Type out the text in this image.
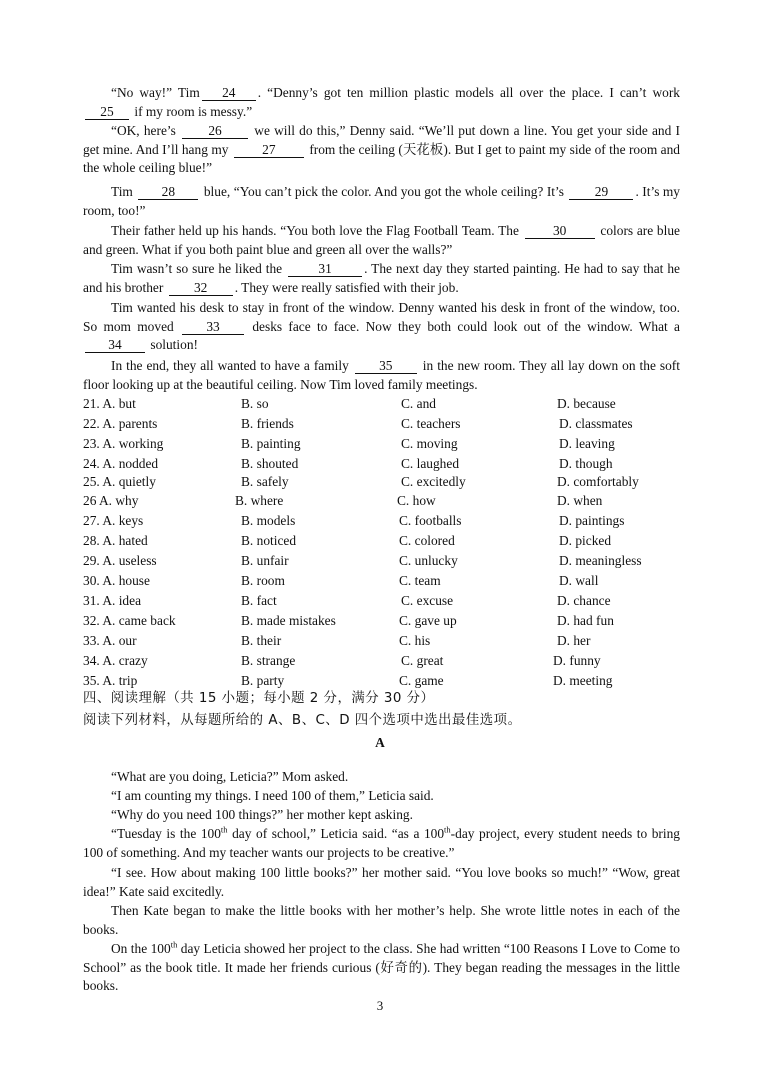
“No way!” Tim 24 . “Denny’s got ten million plastic models all over the place. I can’t work 25 if my room is messy.”

“OK, here’s 26 we will do this,” Denny said. “We’ll put down a line. You get your side and I get mine. And I’ll hang my	27	from the ceiling (天花板). But I get to paint my side of the room and the whole ceiling blue!”

Tim 28 blue, “You can’t pick the color. And you got the whole ceiling? It’s 29 . It’s my room, too!”

Their father held up his hands. “You both love the Flag Football Team. The	30	colors are blue and green. What if you both paint blue and green all over the walls?”

Tim wasn’t so sure he liked the	31 . The next day they started painting. He had to say that he and his brother 32 . They were really satisfied with their job.

Tim wanted his desk to stay in front of the window. Denny wanted his desk in front of the window, too. So mom moved 33 desks face to face. Now they both could look out of the window. What a 34 solution!

In the end, they all wanted to have a family 35 in the new room. They all lay down on the soft floor looking up at the beautiful ceiling. Now Tim loved family meetings.

21. A. but	B. so	C. and	D. because
22. A. parents	B. friends	C. teachers	D. classmates
23. A. working	B. painting	C. moving	D. leaving
24. A. nodded	B. shouted	C. laughed	D. though
25. A. quietly	B. safely	C. excitedly	D. comfortably
26 A. why	B. where	C. how	D. when
27. A. keys	B. models	C. footballs	D. paintings
28. A. hated	B. noticed	C. colored	D. picked
29. A. useless	B. unfair	C. unlucky	D. meaningless
30. A. house	B. room	C. team	D. wall
31. A. idea	B. fact	C. excuse	D. chance
32. A. came back	B. made mistakes	C. gave up	D. had fun
33. A. our	B. their	C. his	D. her
34. A. crazy	B. strange	C. great	D. funny
35. A. trip	B. party	C. game	D. meeting
四、阅读理解（共 15 小题；每小题 2 分，满分 30 分）
阅读下列材料，从每题所给的 A、B、C、D 四个选项中选出最佳选项。
A

“What are you doing, Leticia?” Mom asked.

“I am counting my things. I need 100 of them,” Leticia said.

“Why do you need 100 things?” her mother kept asking.

“Tuesday is the 100th day of school,” Leticia said. “as a 100th-day project, every student needs to bring 100 of something. And my teacher wants our projects to be creative.”

“I see. How about making 100 little books?” her mother said. “You love books so much!” “Wow, great idea!” Kate said excitedly.

Then Kate began to make the little books with her mother’s help. She wrote little notes in each of the books.

On the 100th day Leticia showed her project to the class. She had written “100 Reasons I Love to Come to School” as the book title. It made her friends curious (好奇的). They began reading the messages in the little books.

3
